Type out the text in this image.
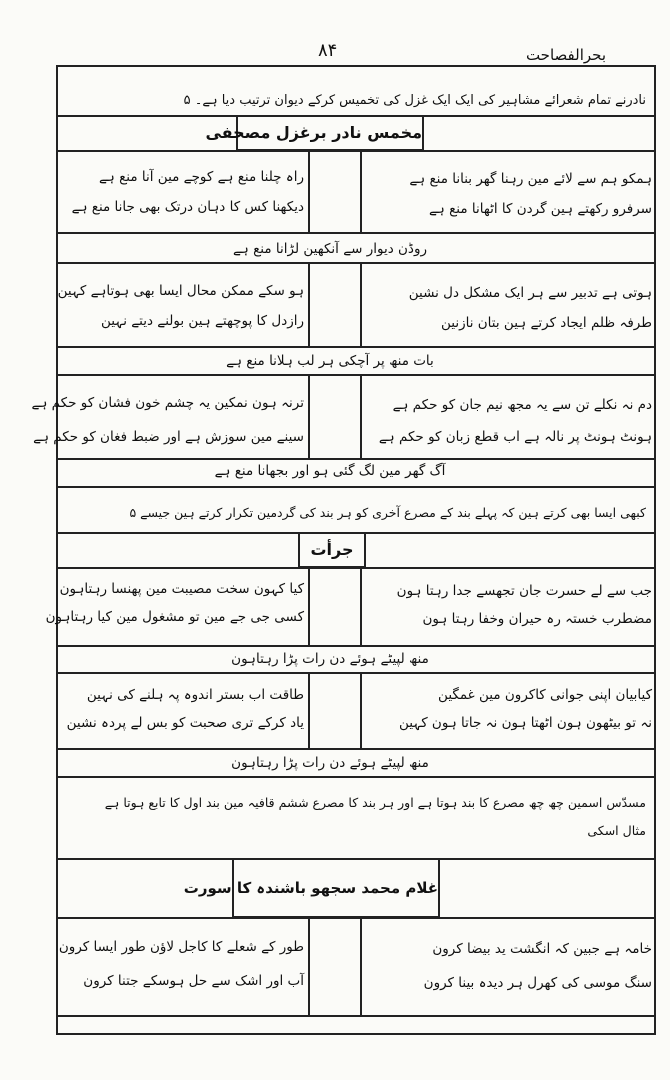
بحرالفصاحت
۸۴
نادرنے تمام شعرائے مشاہیر کی ایک ایک غزل کی تخمیس کرکے دیوان ترتیب دیا ہے۔ ۵
مخمس نادر برغزل مصحفی
ہمکو ہم سے لائے مین رہنا گھر بنانا منع ہے
سرفرو رکھتے ہین گردن کا اٹھانا منع ہے
راہ چلنا منع ہے کوچے مین آنا منع ہے
دیکھنا کس کا دہان درتک بھی جانا منع ہے
روڈن دیوار سے آنکھین لڑانا منع ہے
ہوتی ہے تدبیر سے ہر ایک مشکل دل نشین
طرفہ ظلم ایجاد کرتے ہین بتان نازنین
ہو سکے ممکن محال ایسا بھی ہوتاہے کہین
رازدل کا پوچھتے ہین بولنے دیتے نہین
بات منھ پر آچکی ہر لب ہلانا منع ہے
دم نہ نکلے تن سے یہ مجھ نیم جان کو حکم ہے
ہونٹ ہونٹ پر نالہ ہے اب قطع زبان کو حکم ہے
ترنہ ہون نمکین یہ چشم خون فشان کو حکم ہے
سینے مین سوزش ہے اور ضبط فغان کو حکم ہے
آگ گھر مین لگ گئی ہو اور بجھانا منع ہے
کبھی ایسا بھی کرتے ہین کہ پہلے بند کے مصرع آخری کو ہر بند کی گردمین تکرار کرتے ہین جیسے ۵
جرأت
جب سے لے حسرت جان تجھسے جدا رہتا ہون
مضطرب خستہ رہ حیران وخفا رہتا ہون
کیا کہون سخت مصیبت مین پھنسا رہتاہون
کسی جی جے مین تو مشغول مین کیا رہتاہون
منھ لپیٹے ہوئے دن رات پڑا رہتاہون
کیابیان اپنی جوانی کاکرون مین غمگین
نہ تو بیٹھون ہون اٹھتا ہون نہ جاتا ہون کہین
طاقت اب بستر اندوہ پہ ہلنے کی نہین
یاد کرکے تری صحبت کو بس لے پردہ نشین
منھ لپیٹے ہوئے دن رات پڑا رہتاہون
مسدّس اسمین چھ چھ مصرع کا بند ہوتا ہے اور ہر بند کا مصرع ششم قافیہ مین بند اول کا تابع ہوتا ہے
مثال اسکی
غلام محمد سجھو باشندہ کا سورت
خامہ ہے جبین کہ انگشت ید بیضا کرون
سنگ موسی کی کھرل ہر دیدہ بینا کرون
طور کے شعلے کا کاجل لاؤن طور ایسا کرون
آب اور اشک سے حل ہوسکے جتنا کرون
